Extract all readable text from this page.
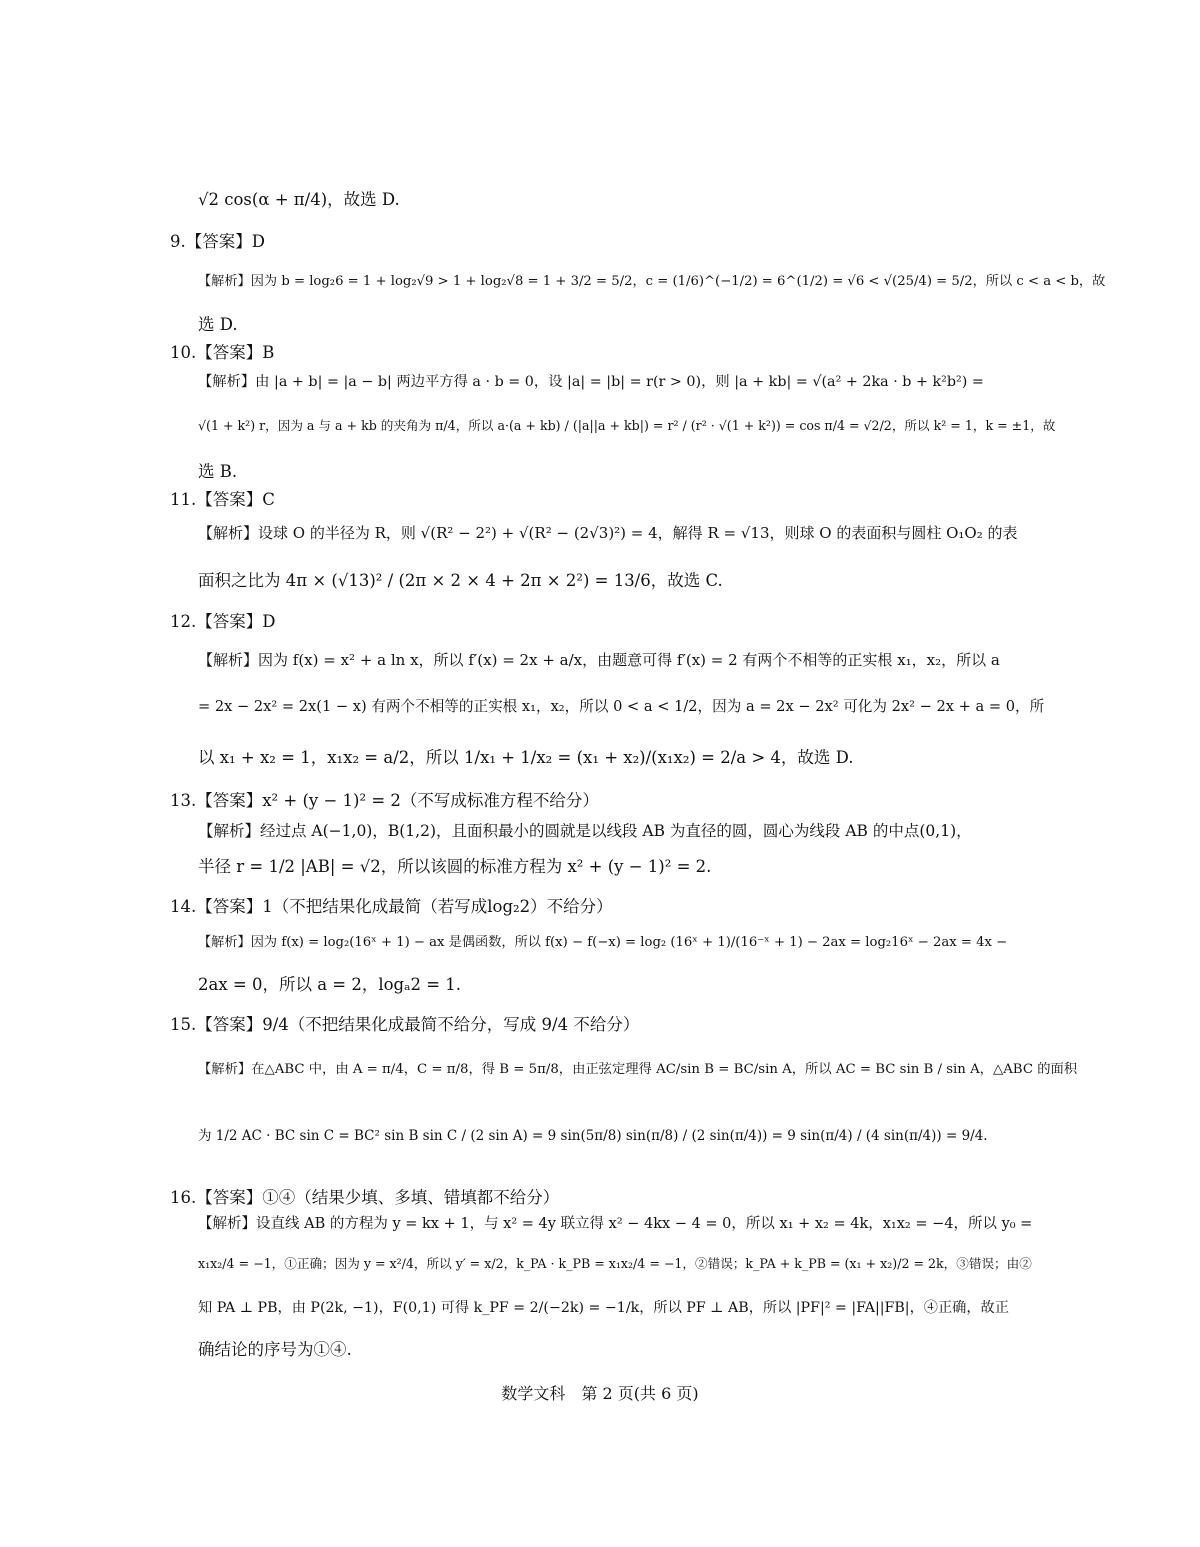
√2 cos(α + π/4)，故选 D.
9.【答案】D
【解析】因为 b = log₂6 = 1 + log₂√9 > 1 + log₂√8 = 1 + 3/2 = 5/2，c = (1/6)^(−1/2) = 6^(1/2) = √6 < √(25/4) = 5/2，所以 c < a < b，故
选 D.
10.【答案】B
【解析】由 |a + b| = |a − b| 两边平方得 a · b = 0，设 |a| = |b| = r(r > 0)，则 |a + kb| = √(a² + 2ka · b + k²b²) =
√(1 + k²) r，因为 a 与 a + kb 的夹角为 π/4，所以 a·(a + kb) / (|a||a + kb|) = r² / (r² · √(1 + k²)) = cos π/4 = √2/2，所以 k² = 1，k = ±1，故
选 B.
11.【答案】C
【解析】设球 O 的半径为 R，则 √(R² − 2²) + √(R² − (2√3)²) = 4，解得 R = √13，则球 O 的表面积与圆柱 O₁O₂ 的表
面积之比为 4π × (√13)² / (2π × 2 × 4 + 2π × 2²) = 13/6，故选 C.
12.【答案】D
【解析】因为 f(x) = x² + a ln x，所以 f′(x) = 2x + a/x，由题意可得 f′(x) = 2 有两个不相等的正实根 x₁，x₂，所以 a
= 2x − 2x² = 2x(1 − x) 有两个不相等的正实根 x₁，x₂，所以 0 < a < 1/2，因为 a = 2x − 2x² 可化为 2x² − 2x + a = 0，所
以 x₁ + x₂ = 1，x₁x₂ = a/2，所以 1/x₁ + 1/x₂ = (x₁ + x₂)/(x₁x₂) = 2/a > 4，故选 D.
13.【答案】x² + (y − 1)² = 2（不写成标准方程不给分）
【解析】经过点 A(−1,0)，B(1,2)，且面积最小的圆就是以线段 AB 为直径的圆，圆心为线段 AB 的中点(0,1)，
半径 r = 1/2 |AB| = √2，所以该圆的标准方程为 x² + (y − 1)² = 2.
14.【答案】1（不把结果化成最简（若写成log₂2）不给分）
【解析】因为 f(x) = log₂(16ˣ + 1) − ax 是偶函数，所以 f(x) − f(−x) = log₂ (16ˣ + 1)/(16⁻ˣ + 1) − 2ax = log₂16ˣ − 2ax = 4x −
2ax = 0，所以 a = 2，logₐ2 = 1.
15.【答案】9/4（不把结果化成最简不给分，写成 9/4 不给分）
【解析】在△ABC 中，由 A = π/4，C = π/8，得 B = 5π/8，由正弦定理得 AC/sin B = BC/sin A，所以 AC = BC sin B / sin A，△ABC 的面积
为 1/2 AC · BC sin C = BC² sin B sin C / (2 sin A) = 9 sin(5π/8) sin(π/8) / (2 sin(π/4)) = 9 sin(π/4) / (4 sin(π/4)) = 9/4.
16.【答案】①④（结果少填、多填、错填都不给分）
【解析】设直线 AB 的方程为 y = kx + 1，与 x² = 4y 联立得 x² − 4kx − 4 = 0，所以 x₁ + x₂ = 4k，x₁x₂ = −4，所以 y₀ =
x₁x₂/4 = −1，①正确；因为 y = x²/4，所以 y′ = x/2，k_PA · k_PB = x₁x₂/4 = −1，②错误；k_PA + k_PB = (x₁ + x₂)/2 = 2k，③错误；由②
知 PA ⊥ PB，由 P(2k, −1)，F(0,1) 可得 k_PF = 2/(−2k) = −1/k，所以 PF ⊥ AB，所以 |PF|² = |FA||FB|，④正确，故正
确结论的序号为①④.
数学文科　第 2 页(共 6 页)
